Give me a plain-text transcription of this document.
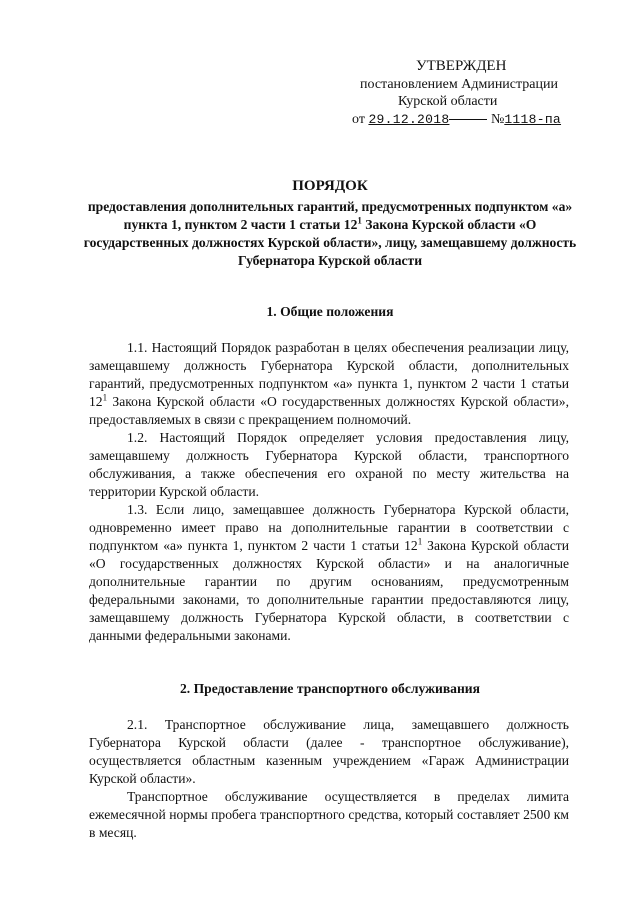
УТВЕРЖДЕН
постановлением Администрации
Курской области
от 29.12.2018	№1118-па
ПОРЯДОК
предоставления дополнительных гарантий, предусмотренных подпунктом «а» пункта 1, пунктом 2 части 1 статьи $12^1$ Закона Курской области «О государственных должностях Курской области», лицу, замещавшему должность Губернатора Курской области
1. Общие положения

1.1. Настоящий Порядок разработан в целях обеспечения реализации лицу, замещавшему должность Губернатора Курской области, дополнительных гарантий, предусмотренных подпунктом «а» пункта 1, пунктом 2 части 1 статьи $12^1$ Закона Курской области «О государственных должностях Курской области», предоставляемых в связи с прекращением полномочий.

1.2. Настоящий Порядок определяет условия предоставления лицу, замещавшему должность Губернатора Курской области, транспортного обслуживания, а также обеспечения его охраной по месту жительства на территории Курской области.

1.3. Если лицо, замещавшее должность Губернатора Курской области, одновременно имеет право на дополнительные гарантии в соответствии с подпунктом «а» пункта 1, пунктом 2 части 1 статьи $12^1$ Закона Курской области «О государственных должностях Курской области» и на аналогичные дополнительные гарантии по другим основаниям, предусмотренным федеральными законами, то дополнительные гарантии предоставляются лицу, замещавшему должность Губернатора Курской области, в соответствии с данными федеральными законами.

2. Предоставление транспортного обслуживания

2.1. Транспортное обслуживание лица, замещавшего должность Губернатора Курской области (далее - транспортное обслуживание), осуществляется областным казенным учреждением «Гараж Администрации Курской области».

Транспортное обслуживание осуществляется в пределах лимита ежемесячной нормы пробега транспортного средства, который составляет 2500 км в месяц.
